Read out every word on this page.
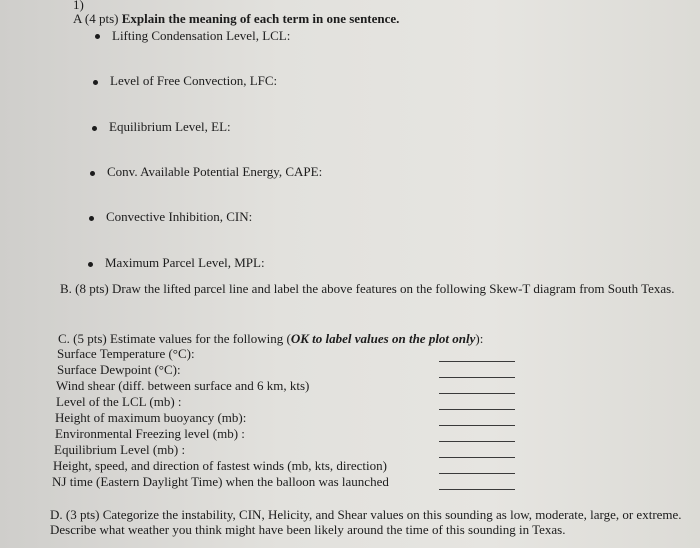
1)
A (4 pts) Explain the meaning of each term in one sentence.
Lifting Condensation Level, LCL:
Level of Free Convection, LFC:
Equilibrium Level, EL:
Conv. Available Potential Energy, CAPE:
Convective Inhibition, CIN:
Maximum Parcel Level, MPL:
B. (8 pts) Draw the lifted parcel line and label the above features on the following Skew-T diagram from South Texas.
C. (5 pts) Estimate values for the following (OK to label values on the plot only):
Surface Temperature (°C):
Surface Dewpoint (°C):
Wind shear (diff. between surface and 6 km, kts)
Level of the LCL (mb) :
Height of maximum buoyancy (mb):
Environmental Freezing level (mb) :
Equilibrium Level (mb) :
Height, speed, and direction of fastest winds (mb, kts, direction)
NJ time (Eastern Daylight Time) when the balloon was launched
D. (3 pts) Categorize the instability, CIN, Helicity, and Shear values on this sounding as low, moderate, large, or extreme. Describe what weather you think might have been likely around the time of this sounding in Texas.
